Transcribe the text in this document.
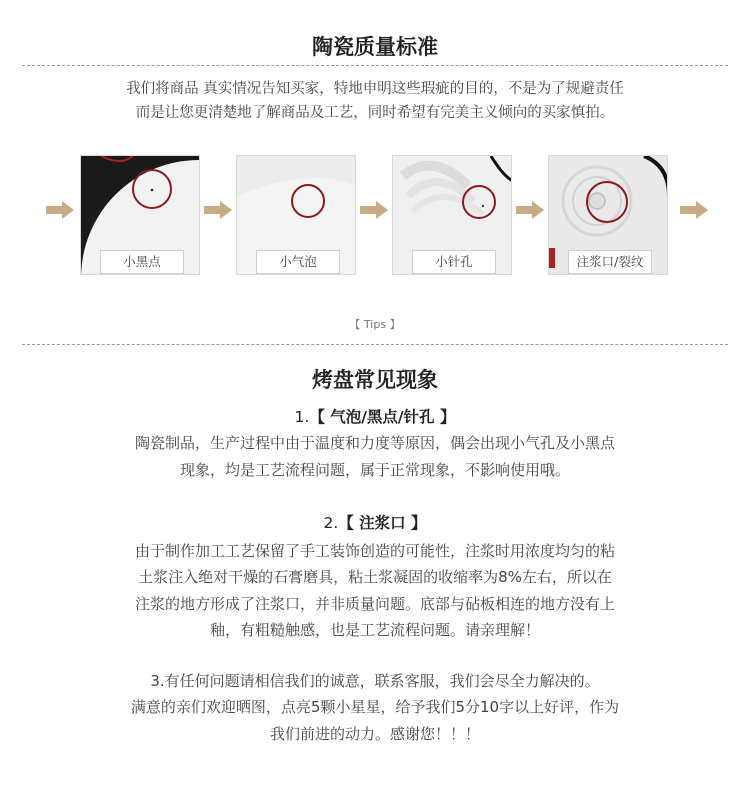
陶瓷质量标准
我们将商品 真实情况告知买家，特地申明这些瑕疵的目的，不是为了规避责任
而是让您更清楚地了解商品及工艺，同时希望有完美主义倾向的买家慎拍。
小黑点	小气泡	小针孔	注浆口/裂纹
【 Tips 】
烤盘常见现象
1.【 气泡/黑点/针孔 】
陶瓷制品，生产过程中由于温度和力度等原因，偶会出现小气孔及小黑点
现象，均是工艺流程问题，属于正常现象，不影响使用哦。
2.【 注浆口 】
由于制作加工工艺保留了手工装饰创造的可能性，注浆时用浓度均匀的粘
土浆注入绝对干燥的石膏磨具，粘土浆凝固的收缩率为8%左右，所以在
注浆的地方形成了注浆口，并非质量问题。底部与砧板相连的地方没有上
釉，有粗糙触感，也是工艺流程问题。请亲理解！
3.有任何问题请相信我们的诚意，联系客服，我们会尽全力解决的。
满意的亲们欢迎晒图，点亮5颗小星星，给予我们5分10字以上好评，作为
我们前进的动力。感谢您！！！
